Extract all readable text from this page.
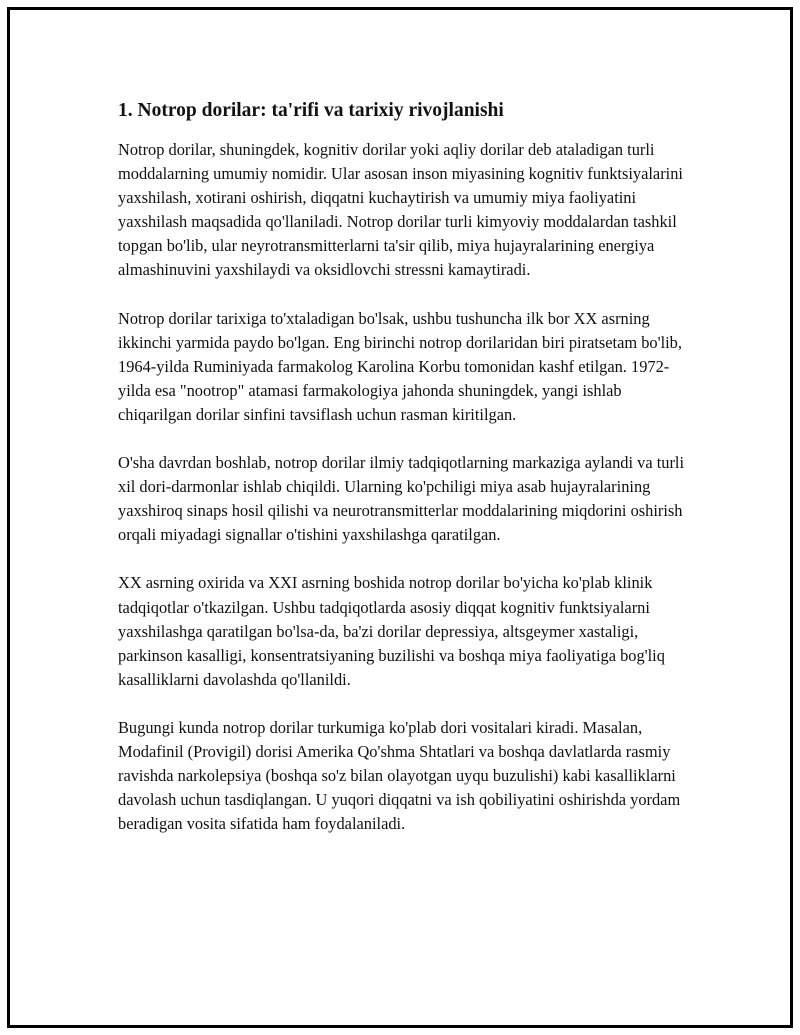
1. Notrop dorilar: ta'rifi va tarixiy rivojlanishi

Notrop dorilar, shuningdek, kognitiv dorilar yoki aqliy dorilar deb ataladigan turli moddalarning umumiy nomidir. Ular asosan inson miyasining kognitiv funktsiyalarini yaxshilash, xotirani oshirish, diqqatni kuchaytirish va umumiy miya faoliyatini yaxshilash maqsadida qo'llaniladi. Notrop dorilar turli kimyoviy moddalardan tashkil topgan bo'lib, ular neyrotransmitterlarni ta'sir qilib, miya hujayralarining energiya almashinuvini yaxshilaydi va oksidlovchi stressni kamaytiradi.

Notrop dorilar tarixiga to'xtaladigan bo'lsak, ushbu tushuncha ilk bor XX asrning ikkinchi yarmida paydo bo'lgan. Eng birinchi notrop dorilaridan biri piratsetam bo'lib, 1964-yilda Ruminiyada farmakolog Karolina Korbu tomonidan kashf etilgan. 1972-yilda esa "nootrop" atamasi farmakologiya jahonda shuningdek, yangi ishlab chiqarilgan dorilar sinfini tavsiflash uchun rasman kiritilgan.

O'sha davrdan boshlab, notrop dorilar ilmiy tadqiqotlarning markaziga aylandi va turli xil dori-darmonlar ishlab chiqildi. Ularning ko'pchiligi miya asab hujayralarining yaxshiroq sinaps hosil qilishi va neurotransmitterlar moddalarining miqdorini oshirish orqali miyadagi signallar o'tishini yaxshilashga qaratilgan.

XX asrning oxirida va XXI asrning boshida notrop dorilar bo'yicha ko'plab klinik tadqiqotlar o'tkazilgan. Ushbu tadqiqotlarda asosiy diqqat kognitiv funktsiyalarni yaxshilashga qaratilgan bo'lsa-da, ba'zi dorilar depressiya, altsgeymer xastaligi, parkinson kasalligi, konsentratsiyaning buzilishi va boshqa miya faoliyatiga bog'liq kasalliklarni davolashda qo'llanildi.

Bugungi kunda notrop dorilar turkumiga ko'plab dori vositalari kiradi. Masalan, Modafinil (Provigil) dorisi Amerika Qo'shma Shtatlari va boshqa davlatlarda rasmiy ravishda narkolepsiya (boshqa so'z bilan olayotgan uyqu buzulishi) kabi kasalliklarni davolash uchun tasdiqlangan. U yuqori diqqatni va ish qobiliyatini oshirishda yordam beradigan vosita sifatida ham foydalaniladi.
